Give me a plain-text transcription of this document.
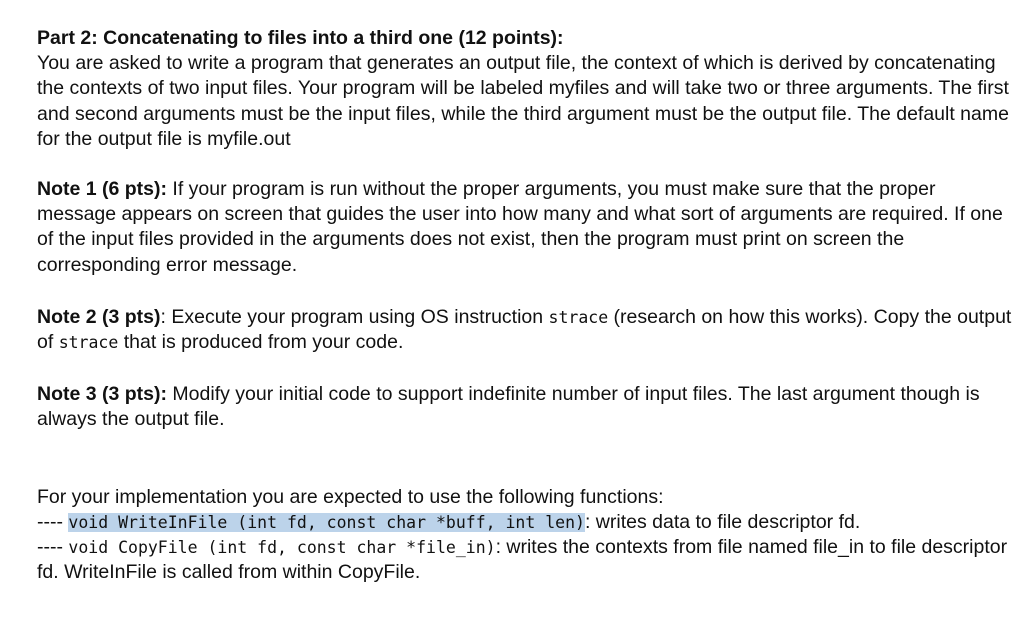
Part 2: Concatenating to files into a third one (12 points):
You are asked to write a program that generates an output file, the context of which is derived by concatenating the contexts of two input files. Your program will be labeled myfiles and will take two or three arguments. The first and second arguments must be the input files, while the third argument must be the output file. The default name for the output file is myfile.out

Note 1 (6 pts): If your program is run without the proper arguments, you must make sure that the proper message appears on screen that guides the user into how many and what sort of arguments are required. If one of the input files provided in the arguments does not exist, then the program must print on screen the corresponding error message.

Note 2 (3 pts): Execute your program using OS instruction strace (research on how this works). Copy the output of strace that is produced from your code.

Note 3 (3 pts): Modify your initial code to support indefinite number of input files. The last argument though is always the output file.

For your implementation you are expected to use the following functions:
---- void WriteInFile (int fd, const char *buff, int len): writes data to file descriptor fd.
---- void CopyFile (int fd, const char *file_in): writes the contexts from file named file_in to file descriptor fd. WriteInFile is called from within CopyFile.
